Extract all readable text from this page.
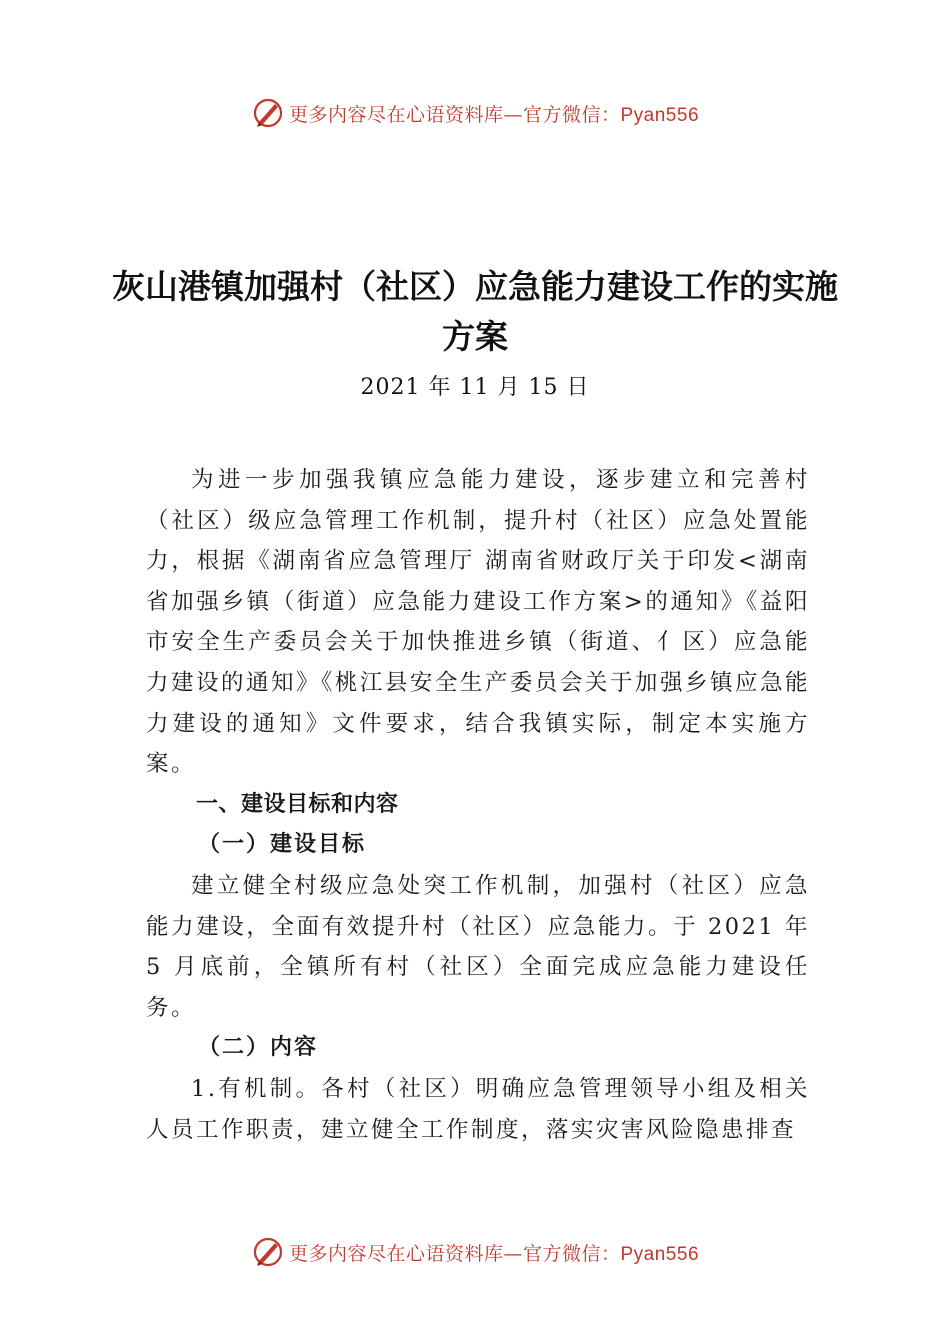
更多内容尽在心语资料库—官方微信：Pyan556
灰山港镇加强村（社区）应急能力建设工作的实施方案
2021 年 11 月 15 日

为进一步加强我镇应急能力建设，逐步建立和完善村（社区）级应急管理工作机制，提升村（社区）应急处置能力，根据《湖南省应急管理厅 湖南省财政厅关于印发<湖南省加强乡镇（街道）应急能力建设工作方案>的通知》《益阳市安全生产委员会关于加快推进乡镇（街道、⺅区）应急能力建设的通知》《桃江县安全生产委员会关于加强乡镇应急能力建设的通知》文件要求，结合我镇实际，制定本实施方案。

一、建设目标和内容

（一）建设目标

建立健全村级应急处突工作机制，加强村（社区）应急能力建设，全面有效提升村（社区）应急能力。于 2021 年 5 月底前，全镇所有村（社区）全面完成应急能力建设任务。

（二）内容

1.有机制。各村（社区）明确应急管理领导小组及相关人员工作职责，建立健全工作制度，落实灾害风险隐患排查

更多内容尽在心语资料库—官方微信：Pyan556
